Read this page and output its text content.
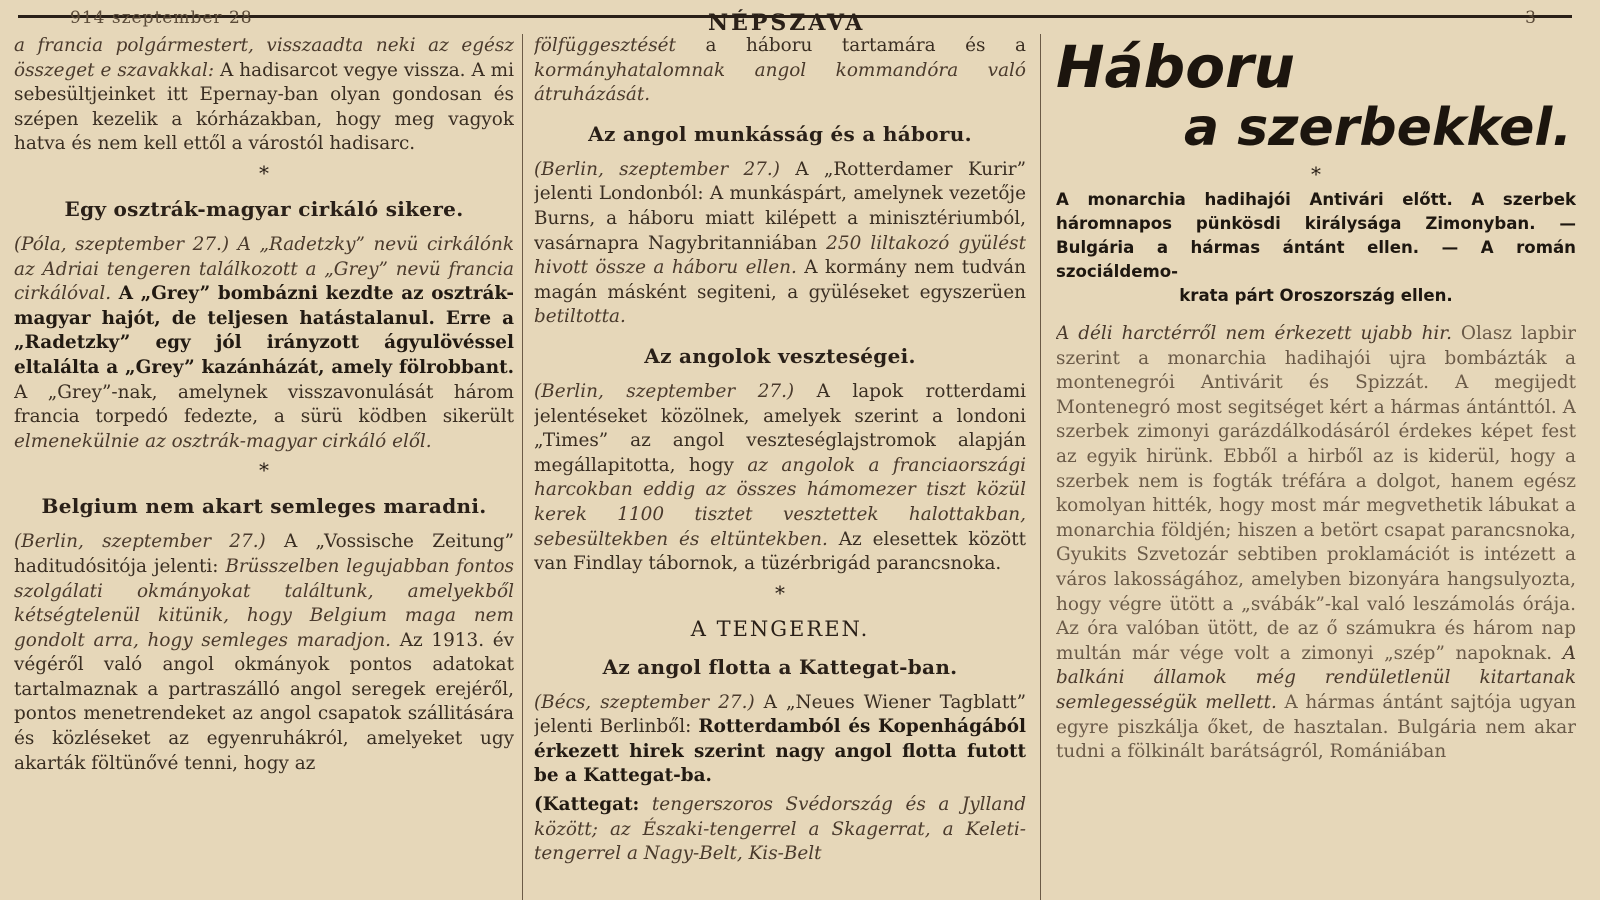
914 szeptember 28	NÉPSZAVA	3

a francia polgármestert, visszaadta neki az egész összeget e szavakkal: A hadisarcot vegye vissza. A mi sebesültjeinket itt Epernay-ban olyan gondosan és szépen kezelik a kórházakban, hogy meg vagyok hatva és nem kell ettől a várostól hadisarc.

*
Egy osztrák-magyar cirkáló sikere.

(Póla, szeptember 27.) A „Radetzky” nevü cirkálónk az Adriai tengeren találkozott a „Grey” nevü francia cirkálóval. A „Grey” bombázni kezdte az osztrák-magyar hajót, de teljesen hatástalanul. Erre a „Radetzky” egy jól irányzott ágyulövéssel eltalálta a „Grey” kazánházát, amely fölrobbant. A „Grey”-nak, amelynek visszavonulását három francia torpedó fedezte, a sürü ködben sikerült elmenekülnie az osztrák-magyar cirkáló elől.

*
Belgium nem akart semleges maradni.

(Berlin, szeptember 27.) A „Vossische Zeitung” haditudósitója jelenti: Brüsszelben legujabban fontos szolgálati okmányokat találtunk, amelyekből kétségtelenül kitünik, hogy Belgium maga nem gondolt arra, hogy semleges maradjon. Az 1913. év végéről való angol okmányok pontos adatokat tartalmaznak a partraszálló angol seregek erejéről, pontos menetrendeket az angol csapatok szállitására és közléseket az egyenruhákról, amelyeket ugy akarták föltünővé tenni, hogy az

fölfüggesztését a háboru tartamára és a kormányhatalomnak angol kommandóra való átruházását.

Az angol munkásság és a háboru.

(Berlin, szeptember 27.) A „Rotterdamer Kurir” jelenti Londonból: A munkáspárt, amelynek vezetője Burns, a háboru miatt kilépett a minisztériumból, vasárnapra Nagybritanniában 250 liltakozó gyülést hivott össze a háboru ellen. A kormány nem tudván magán másként segiteni, a gyüléseket egyszerüen betiltotta.

Az angolok veszteségei.

(Berlin, szeptember 27.) A lapok rotterdami jelentéseket közölnek, amelyek szerint a londoni „Times” az angol veszteséglajstromok alapján megállapitotta, hogy az angolok a franciaországi harcokban eddig az összes hámomezer tiszt közül kerek 1100 tisztet vesztettek halottakban, sebesültekben és eltüntekben. Az elesettek között van Findlay tábornok, a tüzérbrigád parancsnoka.

*
A TENGEREN.
Az angol flotta a Kattegat-ban.

(Bécs, szeptember 27.) A „Neues Wiener Tagblatt” jelenti Berlinből: Rotterdamból és Kopenhágából érkezett hirek szerint nagy angol flotta futott be a Kattegat-ba.

(Kattegat: tengerszoros Svédország és a Jylland között; az Északi-tengerrel a Skagerrat, a Keleti-tengerrel a Nagy-Belt, Kis-Belt

Háboru
a szerbekkel.
*
A monarchia hadihajói Antivári előtt. A szerbek háromnapos pünkösdi királysága Zimonyban. — Bulgária a hármas ántánt ellen. — A román szociáldemo-
krata párt Oroszország ellen.

A déli harctérről nem érkezett ujabb hir. Olasz lapbir szerint a monarchia hadihajói ujra bombázták a montenegrói Antivárit és Spizzát. A megijedt Montenegró most segitséget kért a hármas ántánttól. A szerbek zimonyi garázdálkodásáról érdekes képet fest az egyik hirünk. Ebből a hirből az is kiderül, hogy a szerbek nem is fogták tréfára a dolgot, hanem egész komolyan hitték, hogy most már megvethetik lábukat a monarchia földjén; hiszen a betört csapat parancsnoka, Gyukits Szvetozár sebtiben proklamációt is intézett a város lakosságához, amelyben bizonyára hangsulyozta, hogy végre ütött a „svábák”-kal való leszámolás órája. Az óra valóban ütött, de az ő számukra és három nap multán már vége volt a zimonyi „szép” napoknak. A balkáni államok még rendületlenül kitartanak semlegességük mellett. A hármas ántánt sajtója ugyan egyre piszkálja őket, de hasztalan. Bulgária nem akar tudni a fölkinált barátságról, Romániában
